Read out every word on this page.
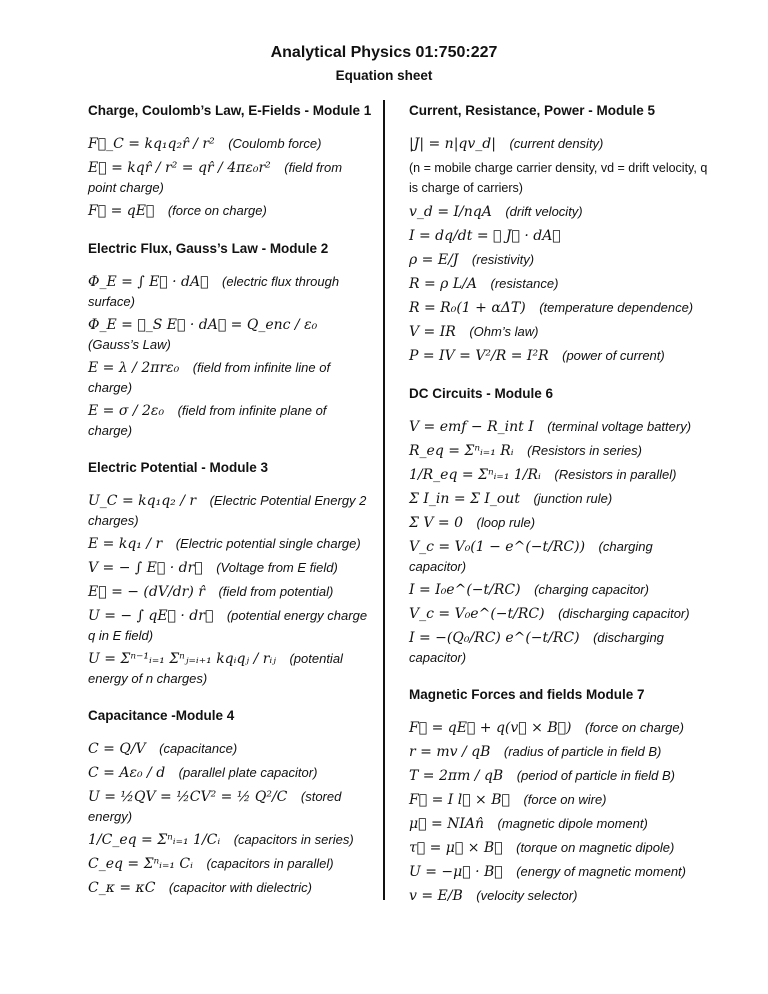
Analytical Physics 01:750:227
Equation sheet
Charge, Coulomb’s Law, E-Fields - Module 1
F⃗_C = kq₁q₂r̂ / r²  (Coulomb force)
E⃗ = kqr̂ / r² = qr̂ / 4πε₀r²  (field from point charge)
F⃗ = qE⃗  (force on charge)
Electric Flux, Gauss’s Law - Module 2
Φ_E = ∫ E⃗ · dA⃗  (electric flux through surface)
Φ_E = ∮_S E⃗ · dA⃗ = Q_enc / ε₀ (Gauss’s Law)
E = λ / 2πrε₀  (field from infinite line of charge)
E = σ / 2ε₀  (field from infinite plane of charge)
Electric Potential - Module 3
U_C = kq₁q₂ / r  (Electric Potential Energy 2 charges)
E = kq₁ / r  (Electric potential single charge)
V = − ∫ E⃗ · dr⃗  (Voltage from E field)
E⃗ = − (dV/dr) r̂  (field from potential)
U = − ∫ qE⃗ · dr⃗  (potential energy charge q in E field)
U = Σⁿ⁻¹ᵢ₌₁ Σⁿⱼ₌ᵢ₊₁ kqᵢqⱼ / rᵢⱼ  (potential energy of n charges)
Capacitance -Module 4
C = Q/V  (capacitance)
C = Aε₀ / d  (parallel plate capacitor)
U = ½QV = ½CV² = ½ Q²/C  (stored energy)
1/C_eq = Σⁿᵢ₌₁ 1/Cᵢ  (capacitors in series)
C_eq = Σⁿᵢ₌₁ Cᵢ  (capacitors in parallel)
C_κ = κC  (capacitor with dielectric)
Current, Resistance, Power - Module 5
|J| = n|qv_d|  (current density)
(n = mobile charge carrier density, vd = drift velocity, q is charge of carriers)
v_d = I/nqA  (drift velocity)
I = dq/dt = ∮ J⃗ · dA⃗
ρ = E/J  (resistivity)
R = ρ L/A  (resistance)
R = R₀(1 + αΔT)  (temperature dependence)
V = IR  (Ohm’s law)
P = IV = V²/R = I²R  (power of current)
DC Circuits - Module 6
V = emf − R_int I  (terminal voltage battery)
R_eq = Σⁿᵢ₌₁ Rᵢ  (Resistors in series)
1/R_eq = Σⁿᵢ₌₁ 1/Rᵢ  (Resistors in parallel)
Σ I_in = Σ I_out  (junction rule)
Σ V = 0  (loop rule)
V_c = V₀(1 − e^(−t/RC))  (charging capacitor)
I = I₀e^(−t/RC)  (charging capacitor)
V_c = V₀e^(−t/RC)  (discharging capacitor)
I = −(Q₀/RC) e^(−t/RC)  (discharging capacitor)
Magnetic Forces and fields Module 7
F⃗ = qE⃗ + q(v⃗ × B⃗)  (force on charge)
r = mv / qB  (radius of particle in field B)
T = 2πm / qB  (period of particle in field B)
F⃗ = I l⃗ × B⃗  (force on wire)
μ⃗ = NIAn̂  (magnetic dipole moment)
τ⃗ = μ⃗ × B⃗  (torque on magnetic dipole)
U = −μ⃗ · B⃗  (energy of magnetic moment)
v = E/B  (velocity selector)
